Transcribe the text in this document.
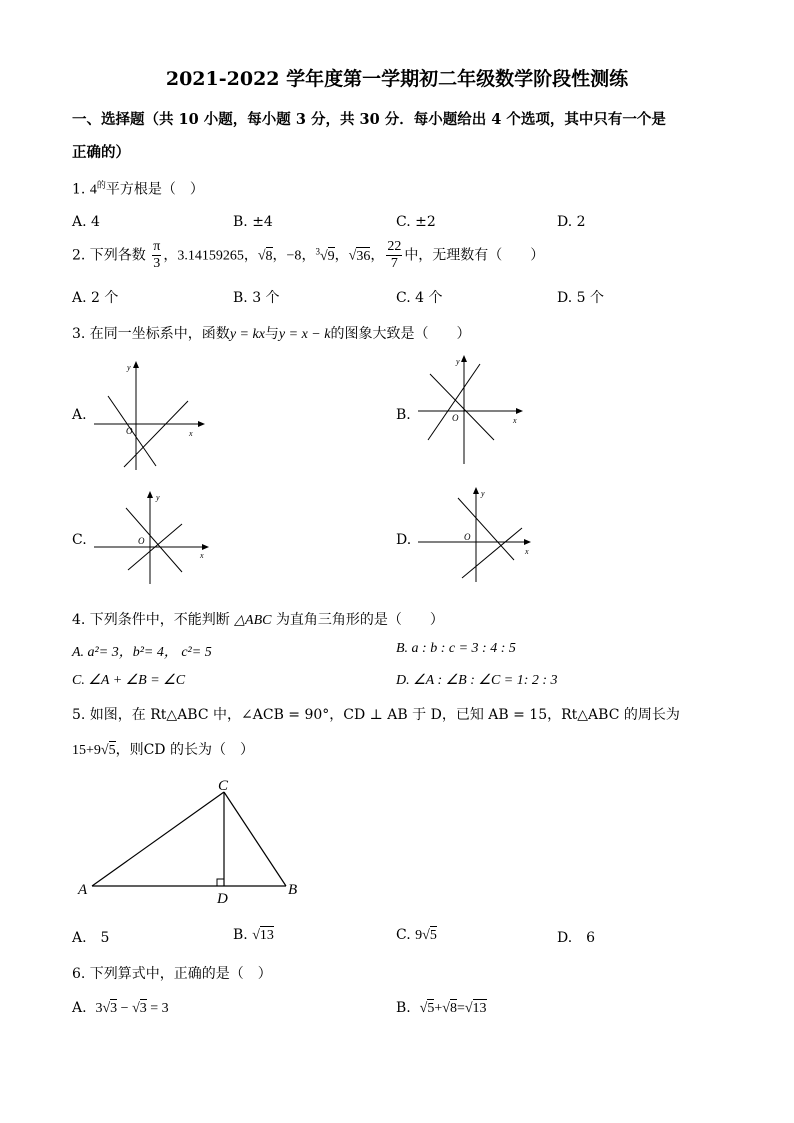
2021-2022 学年度第一学期初二年级数学阶段性测练
一、选择题（共 10 小题，每小题 3 分，共 30 分．每小题给出 4 个选项，其中只有一个是
正确的）
1. $4^的$平方根是（　）
A. 4	B. ±4	C. ±2	D. 2
2. 下列各数 $\frac{\pi}{3}$ ，3.14159265，√8，−8，$^3$√9，√36， $\frac{22}{7}$ 中，无理数有（　　）
A. 2 个	B. 3 个	C. 4 个	D. 5 个
3. 在同一坐标系中，函数y = kx与y = x − k的图象大致是（　　）
A.	B.
C.	D.
y
x
O
y
x
O
y
x
O
y
x
O
4. 下列条件中，不能判断 △ABC 为直角三角形的是（　　）
A. a²= 3，b²= 4， c²= 5	B. a : b : c = 3 : 4 : 5
C. ∠A + ∠B = ∠C	D. ∠A : ∠B : ∠C = 1: 2 : 3
5. 如图，在 Rt△ABC 中，∠ACB = 90°，CD ⊥ AB 于 D，已知 AB = 15，Rt△ABC 的周长为
15+9√5，则CD 的长为（　）
C
A	B
D
A.　5	B. √13	C. 9√5	D.　6
6. 下列算式中，正确的是（　）
A. 3√3 − √3 = 3	B. √5+√8=√13
